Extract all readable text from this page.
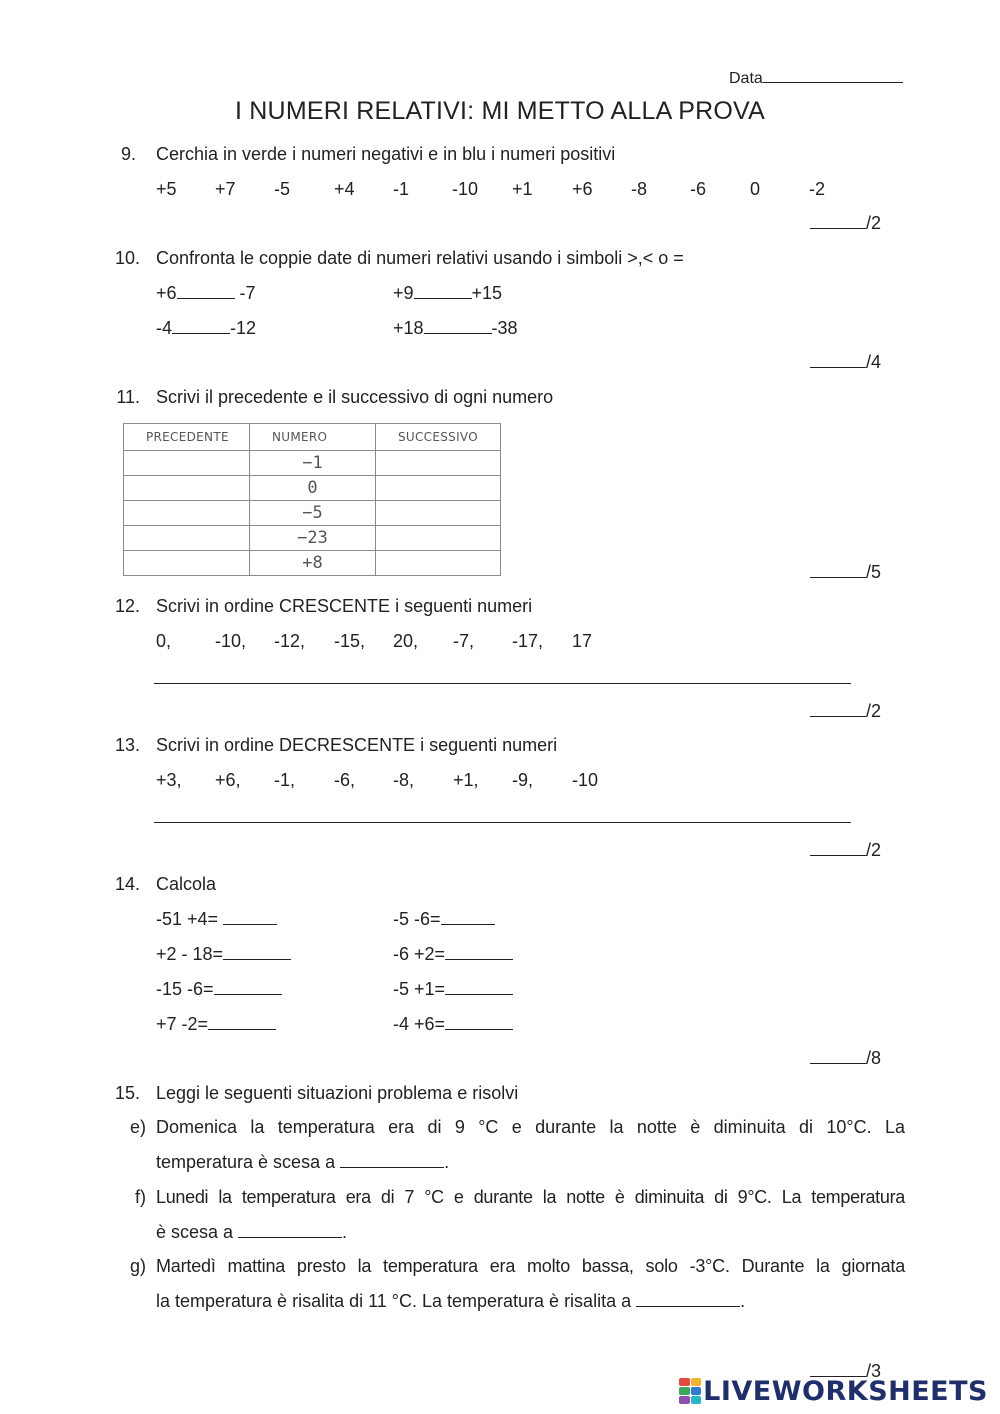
Data
I NUMERI RELATIVI: MI METTO ALLA PROVA
9. Cerchia in verde i numeri negativi e in blu i numeri positivi
+5 +7 -5 +4 -1 -10 +1 +6 -8 -6 0	-2
/2
10. Confronta le coppie date di numeri relativi usando i simboli >,< o =
+6	-7	+9	+15
-4	-12	+18	-38
/4
11. Scrivi il precedente e il successivo di ogni numero
PRECEDENTE	NUMERO	SUCCESSIVO
	−1	
	0	
	−5	
	−23	
	+8		/5
12. Scrivi in ordine CRESCENTE i seguenti numeri
0, -10, -12, -15, 20, -7, -17, 17
/2
13. Scrivi in ordine DECRESCENTE i seguenti numeri
+3, +6, -1, -6, -8, +1, -9, -10
/2
14. Calcola
-51 +4=	-5 -6=
+2 - 18=	-6 +2=
-15 -6=	-5 +1=
+7 -2=	-4 +6=
/8
15. Leggi le seguenti situazioni problema e risolvi
e) Domenica la temperatura era di 9 °C e durante la notte è diminuita di 10°C. La
temperatura è scesa a	.
f) Lunedi la temperatura era di 7 °C e durante la notte è diminuita di 9°C. La temperatura
è scesa a	.
g) Martedì mattina presto la temperatura era molto bassa, solo -3°C. Durante la giornata
la temperatura è risalita di 11 °C. La temperatura è risalita a	.
/3
LIVEWORKSHEETS
